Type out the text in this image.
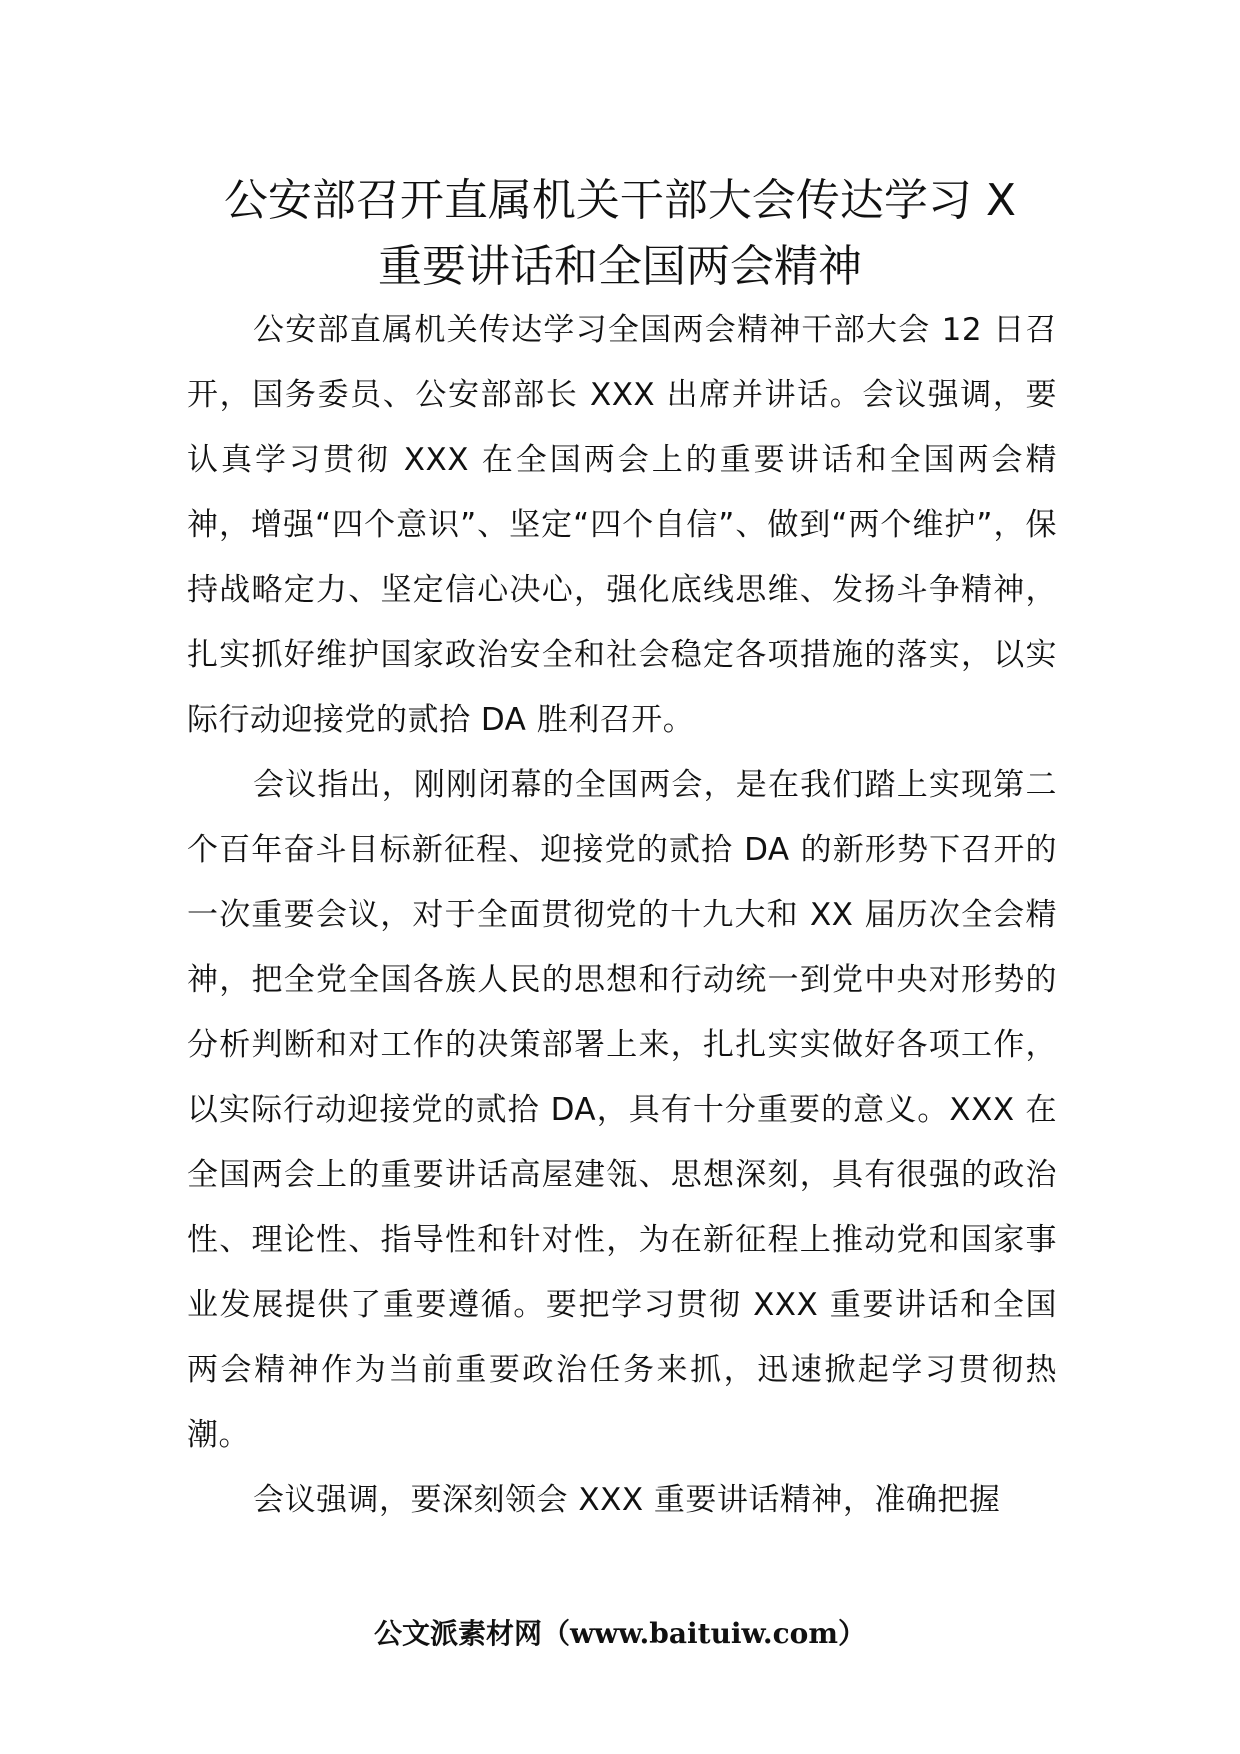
公安部召开直属机关干部大会传达学习 X
重要讲话和全国两会精神

公安部直属机关传达学习全国两会精神干部大会 12 日召开，国务委员、公安部部长 XXX 出席并讲话。会议强调，要认真学习贯彻 XXX 在全国两会上的重要讲话和全国两会精神，增强“四个意识”、坚定“四个自信”、做到“两个维护”，保持战略定力、坚定信心决心，强化底线思维、发扬斗争精神，扎实抓好维护国家政治安全和社会稳定各项措施的落实，以实际行动迎接党的贰拾 DA 胜利召开。

会议指出，刚刚闭幕的全国两会，是在我们踏上实现第二个百年奋斗目标新征程、迎接党的贰拾 DA 的新形势下召开的一次重要会议，对于全面贯彻党的十九大和 XX 届历次全会精神，把全党全国各族人民的思想和行动统一到党中央对形势的分析判断和对工作的决策部署上来，扎扎实实做好各项工作，以实际行动迎接党的贰拾 DA，具有十分重要的意义。XXX 在全国两会上的重要讲话高屋建瓴、思想深刻，具有很强的政治性、理论性、指导性和针对性，为在新征程上推动党和国家事业发展提供了重要遵循。要把学习贯彻 XXX 重要讲话和全国两会精神作为当前重要政治任务来抓，迅速掀起学习贯彻热潮。

会议强调，要深刻领会 XXX 重要讲话精神，准确把握

公文派素材网（www.baituiw.com）
